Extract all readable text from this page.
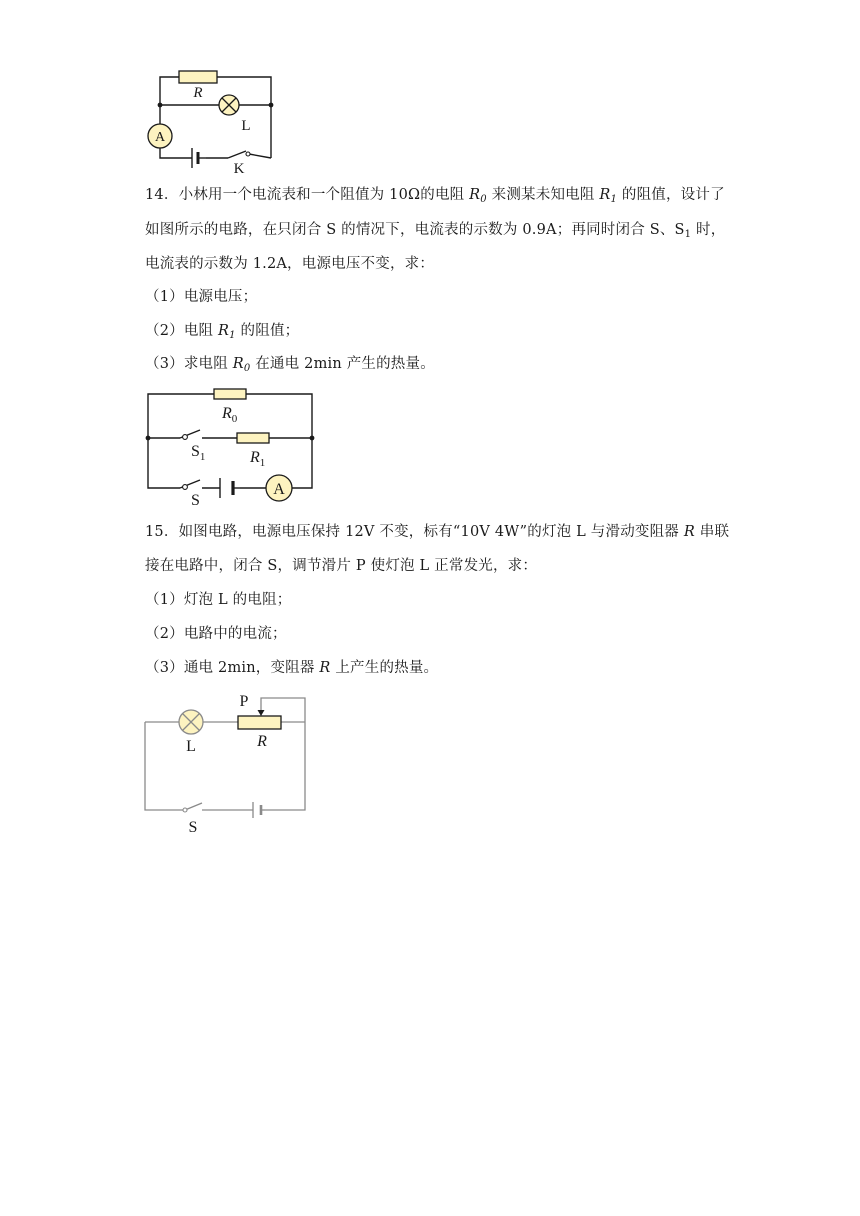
A
R
L
K
14．小林用一个电流表和一个阻值为 10Ω的电阻 $R_0$ 来测某未知电阻 $R_1$ 的阻值，设计了
如图所示的电路，在只闭合 S 的情况下，电流表的示数为 0.9A；再同时闭合 S、$S_1$ 时，
电流表的示数为 1.2A，电源电压不变，求：
（1）电源电压；
（2）电阻 $R_1$ 的阻值；
（3）求电阻 $R_0$ 在通电 2min 产生的热量。
A
$R_0$
$S_1$	$R_1$
S
15．如图电路，电源电压保持 12V 不变，标有“10V 4W”的灯泡 L 与滑动变阻器 R 串联
接在电路中，闭合 S，调节滑片 P 使灯泡 L 正常发光，求：
（1）灯泡 L 的电阻；
（2）电路中的电流；
（3）通电 2min，变阻器 R 上产生的热量。
P
R
L
S
